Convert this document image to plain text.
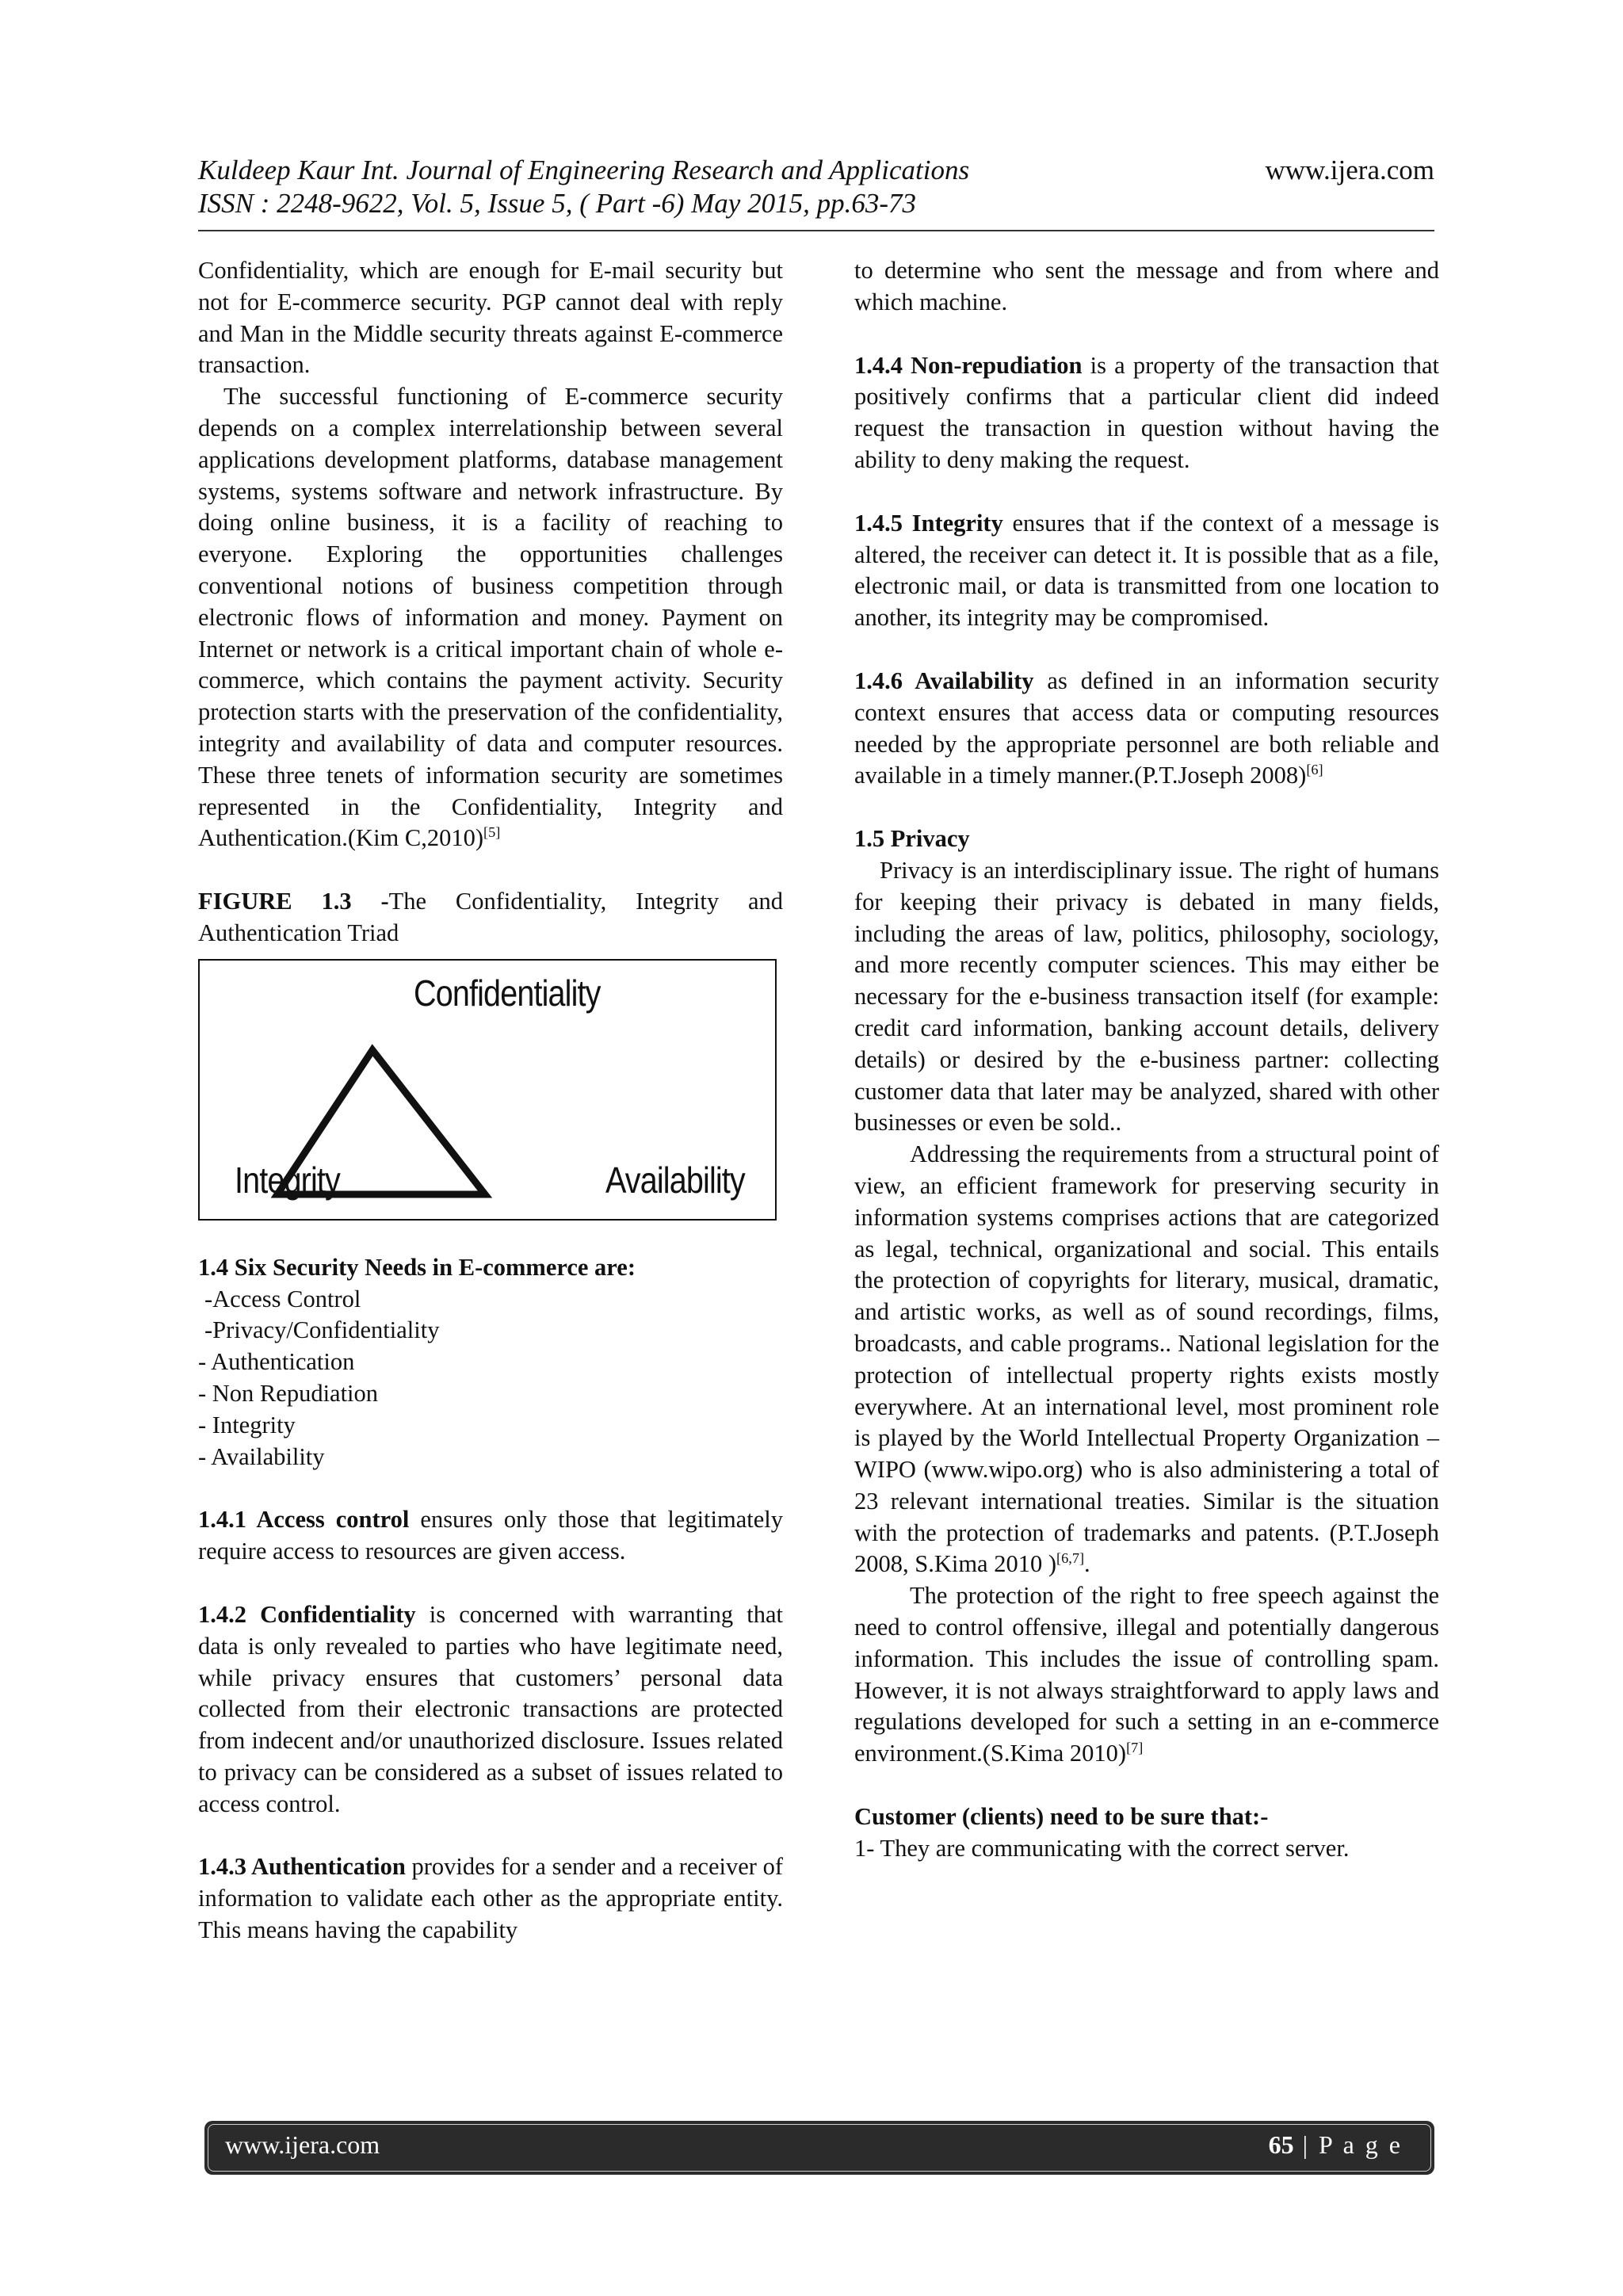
Kuldeep Kaur Int. Journal of Engineering Research and Applications	www.ijera.com
ISSN : 2248-9622, Vol. 5, Issue 5, ( Part -6) May 2015, pp.63-73

Confidentiality, which are enough for E-mail security but not for E-commerce security. PGP cannot deal with reply and Man in the Middle security threats against E-commerce transaction.

The successful functioning of E-commerce security depends on a complex interrelationship between several applications development platforms, database management systems, systems software and network infrastructure. By doing online business, it is a facility of reaching to everyone. Exploring the opportunities challenges conventional notions of business competition through electronic flows of information and money. Payment on Internet or network is a critical important chain of whole e-commerce, which contains the payment activity. Security protection starts with the preservation of the confidentiality, integrity and availability of data and computer resources. These three tenets of information security are sometimes represented in the Confidentiality, Integrity and Authentication.(Kim C,2010)[5]

FIGURE 1.3 -The Confidentiality, Integrity and Authentication Triad

Confidentiality
Integrity	Availability

1.4 Six Security Needs in E-commerce are:

-Access Control
-Privacy/Confidentiality
- Authentication
- Non Repudiation
- Integrity
- Availability

1.4.1 Access control ensures only those that legitimately require access to resources are given access.

1.4.2 Confidentiality is concerned with warranting that data is only revealed to parties who have legitimate need, while privacy ensures that customers’ personal data collected from their electronic transactions are protected from indecent and/or unauthorized disclosure. Issues related to privacy can be considered as a subset of issues related to access control.

1.4.3 Authentication provides for a sender and a receiver of information to validate each other as the appropriate entity. This means having the capability

to determine who sent the message and from where and which machine.

1.4.4 Non-repudiation is a property of the transaction that positively confirms that a particular client did indeed request the transaction in question without having the ability to deny making the request.

1.4.5 Integrity ensures that if the context of a message is altered, the receiver can detect it. It is possible that as a file, electronic mail, or data is transmitted from one location to another, its integrity may be compromised.

1.4.6 Availability as defined in an information security context ensures that access data or computing resources needed by the appropriate personnel are both reliable and available in a timely manner.(P.T.Joseph 2008)[6]

1.5 Privacy

Privacy is an interdisciplinary issue. The right of humans for keeping their privacy is debated in many fields, including the areas of law, politics, philosophy, sociology, and more recently computer sciences. This may either be necessary for the e-business transaction itself (for example: credit card information, banking account details, delivery details) or desired by the e-business partner: collecting customer data that later may be analyzed, shared with other businesses or even be sold..

Addressing the requirements from a structural point of view, an efficient framework for preserving security in information systems comprises actions that are categorized as legal, technical, organizational and social. This entails the protection of copyrights for literary, musical, dramatic, and artistic works, as well as of sound recordings, films, broadcasts, and cable programs.. National legislation for the protection of intellectual property rights exists mostly everywhere. At an international level, most prominent role is played by the World Intellectual Property Organization – WIPO (www.wipo.org) who is also administering a total of 23 relevant international treaties. Similar is the situation with the protection of trademarks and patents. (P.T.Joseph 2008, S.Kima 2010 )[6,7].

The protection of the right to free speech against the need to control offensive, illegal and potentially dangerous information. This includes the issue of controlling spam. However, it is not always straightforward to apply laws and regulations developed for such a setting in an e-commerce environment.(S.Kima 2010)[7]

Customer (clients) need to be sure that:-

1- They are communicating with the correct server.

www.ijera.com	65 | P a g e
